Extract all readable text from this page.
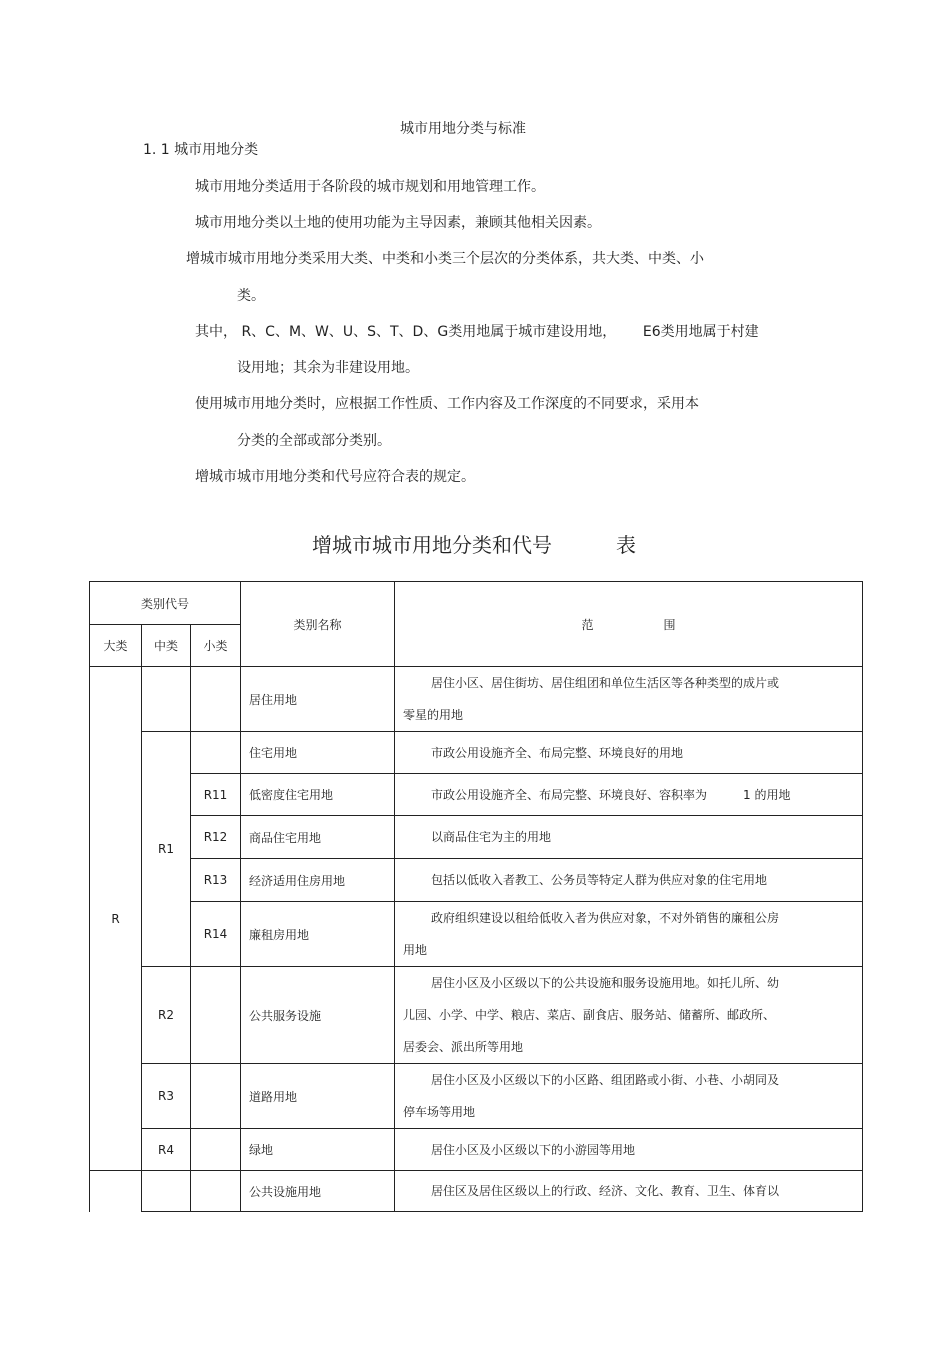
城市用地分类与标准
1. 1 城市用地分类
城市用地分类适用于各阶段的城市规划和用地管理工作。
城市用地分类以土地的使用功能为主导因素，兼顾其他相关因素。
增城市城市用地分类采用大类、中类和小类三个层次的分类体系，共大类、中类、小
类。
其中， R、C、M、W、U、S、T、D、G类用地属于城市建设用地，      E6类用地属于村建
设用地；其余为非建设用地。
使用城市用地分类时，应根据工作性质、工作内容及工作深度的不同要求，采用本
分类的全部或部分类别。
增城市城市用地分类和代号应符合表的规定。
增城市城市用地分类和代号	表
类别代号			类别名称	范 围
大类	中类	小类		
R			居住用地	居住小区、居住街坊、居住组团和单位生活区等各种类型的成片或
零星的用地

	R1		住宅用地	市政公用设施齐全、布局完整、环境良好的用地

		R11	低密度住宅用地	市政公用设施齐全、布局完整、环境良好、容积率为 1 的用地

		R12	商品住宅用地	以商品住宅为主的用地

		R13	经济适用住房用地	包括以低收入者教工、公务员等特定人群为供应对象的住宅用地

		R14	廉租房用地	政府组织建设以租给低收入者为供应对象，不对外销售的廉租公房
用地

	R2		公共服务设施	居住小区及小区级以下的公共设施和服务设施用地。如托儿所、幼
儿园、小学、中学、粮店、菜店、副食店、服务站、储蓄所、邮政所、
居委会、派出所等用地

	R3		道路用地	居住小区及小区级以下的小区路、组团路或小街、小巷、小胡同及
停车场等用地

	R4		绿地	居住小区及小区级以下的小游园等用地

			公共设施用地	居住区及居住区级以上的行政、经济、文化、教育、卫生、体育以
